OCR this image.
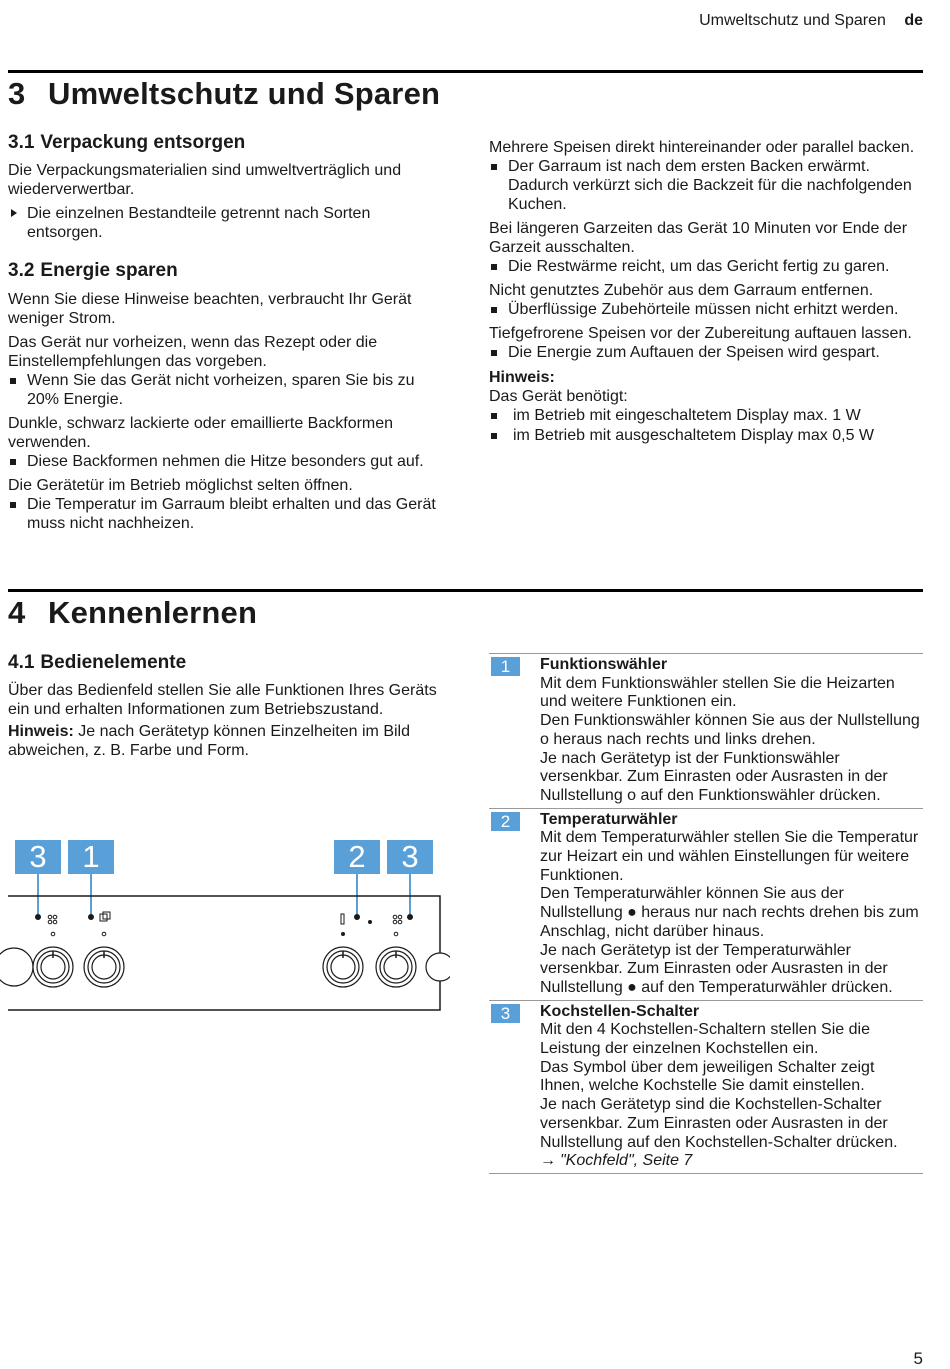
Umweltschutz und Sparen de
3 Umweltschutz und Sparen
3.1 Verpackung entsorgen

Die Verpackungsmaterialien sind umweltverträglich und wiederverwertbar.

Die einzelnen Bestandteile getrennt nach Sorten entsorgen.
3.2 Energie sparen

Wenn Sie diese Hinweise beachten, verbraucht Ihr Gerät weniger Strom.

Das Gerät nur vorheizen, wenn das Rezept oder die Einstellempfehlungen das vorgeben.

Wenn Sie das Gerät nicht vorheizen, sparen Sie bis zu 20% Energie.

Dunkle, schwarz lackierte oder emaillierte Backformen verwenden.

Diese Backformen nehmen die Hitze besonders gut auf.

Die Gerätetür im Betrieb möglichst selten öffnen.

Die Temperatur im Garraum bleibt erhalten und das Gerät muss nicht nachheizen.

Mehrere Speisen direkt hintereinander oder parallel backen.

Der Garraum ist nach dem ersten Backen erwärmt. Dadurch verkürzt sich die Backzeit für die nachfolgenden Kuchen.

Bei längeren Garzeiten das Gerät 10 Minuten vor Ende der Garzeit ausschalten.

Die Restwärme reicht, um das Gericht fertig zu garen.

Nicht genutztes Zubehör aus dem Garraum entfernen.

Überflüssige Zubehörteile müssen nicht erhitzt werden.

Tiefgefrorene Speisen vor der Zubereitung auftauen lassen.

Die Energie zum Auftauen der Speisen wird gespart.
Hinweis:
Das Gerät benötigt:
im Betrieb mit eingeschaltetem Display max. 1 W
im Betrieb mit ausgeschaltetem Display max 0,5 W
4 Kennenlernen
4.1 Bedienelemente

Über das Bedienfeld stellen Sie alle Funktionen Ihres Geräts ein und erhalten Informationen zum Betriebszustand.

Hinweis: Je nach Gerätetyp können Einzelheiten im Bild abweichen, z. B. Farbe und Form.

3	1	2	3
1	Funktionswähler
Mit dem Funktionswähler stellen Sie die Heizarten und weitere Funktionen ein.
Den Funktionswähler können Sie aus der Nullstellung o heraus nach rechts und links drehen.
Je nach Gerätetyp ist der Funktionswähler versenkbar. Zum Einrasten oder Ausrasten in der Nullstellung o auf den Funktionswähler drücken.
2	Temperaturwähler
Mit dem Temperaturwähler stellen Sie die Temperatur zur Heizart ein und wählen Einstellungen für weitere Funktionen.
Den Temperaturwähler können Sie aus der Nullstellung ● heraus nur nach rechts drehen bis zum Anschlag, nicht darüber hinaus.
Je nach Gerätetyp ist der Temperaturwähler versenkbar. Zum Einrasten oder Ausrasten in der Nullstellung ● auf den Temperaturwähler drücken.
3	Kochstellen-Schalter
Mit den 4 Kochstellen-Schaltern stellen Sie die Leistung der einzelnen Kochstellen ein.
Das Symbol über dem jeweiligen Schalter zeigt Ihnen, welche Kochstelle Sie damit einstellen.
Je nach Gerätetyp sind die Kochstellen-Schalter versenkbar. Zum Einrasten oder Ausrasten in der Nullstellung auf den Kochstellen-Schalter drücken.
→ "Kochfeld", Seite 7
5
